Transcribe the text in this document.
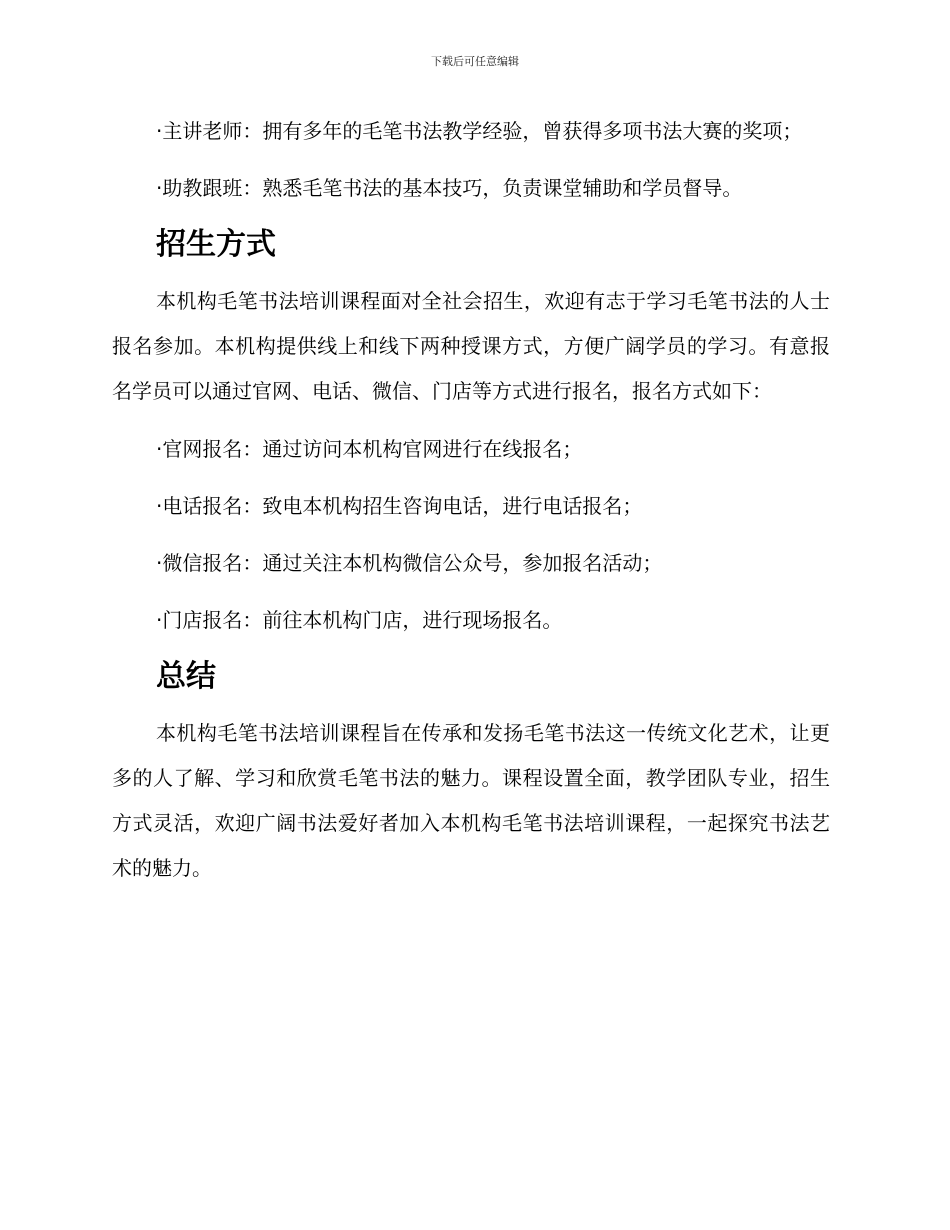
下载后可任意编辑

·主讲老师：拥有多年的毛笔书法教学经验，曾获得多项书法大赛的奖项；

·助教跟班：熟悉毛笔书法的基本技巧，负责课堂辅助和学员督导。

招生方式

本机构毛笔书法培训课程面对全社会招生，欢迎有志于学习毛笔书法的人士报名参加。本机构提供线上和线下两种授课方式，方便广阔学员的学习。有意报名学员可以通过官网、电话、微信、门店等方式进行报名，报名方式如下：

·官网报名：通过访问本机构官网进行在线报名；

·电话报名：致电本机构招生咨询电话，进行电话报名；

·微信报名：通过关注本机构微信公众号，参加报名活动；

·门店报名：前往本机构门店，进行现场报名。

总结

本机构毛笔书法培训课程旨在传承和发扬毛笔书法这一传统文化艺术，让更多的人了解、学习和欣赏毛笔书法的魅力。课程设置全面，教学团队专业，招生方式灵活，欢迎广阔书法爱好者加入本机构毛笔书法培训课程，一起探究书法艺术的魅力。
